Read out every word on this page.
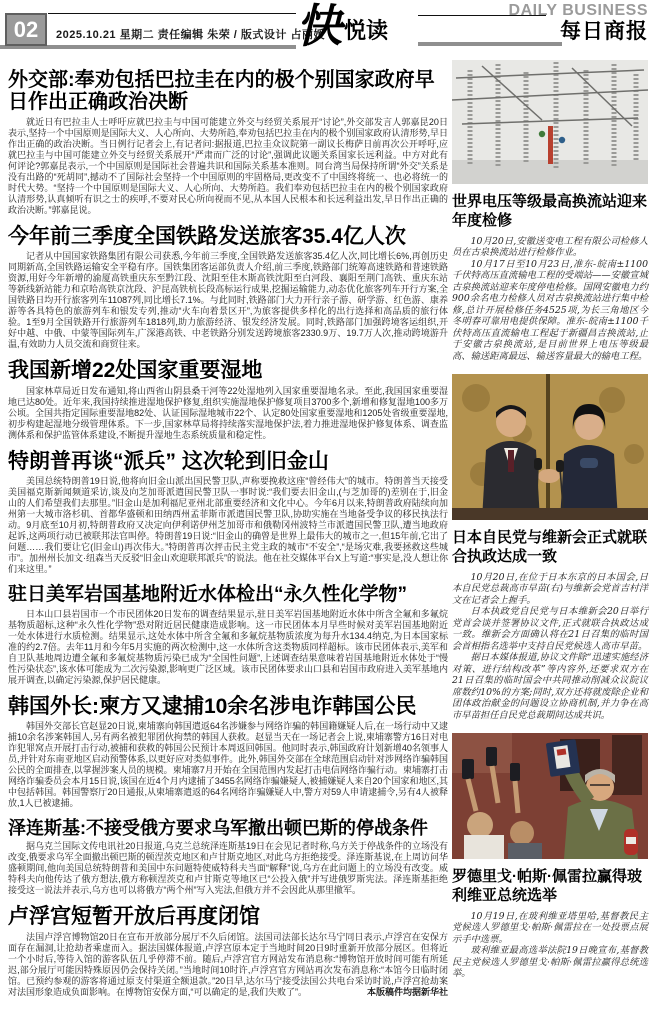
02	2025.10.21 星期二 责任编辑 朱荣 / 版式设计 占丽媛
快 悦读
DAILY BUSINESS
每日商报
外交部:奉劝包括巴拉圭在内的极个别国家政府早日作出正确政治决断

就近日有巴拉圭人士呼吁应就巴拉圭与中国可能建立外交与经贸关系展开“讨论”,外交部发言人郭嘉昆20日表示,坚持一个中国原则是国际大义、人心所向、大势所趋,奉劝包括巴拉圭在内的极个别国家政府认清形势,早日作出正确的政治决断。当日例行记者会上,有记者问:据报道,巴拉圭众议院第一副议长梅萨日前再次公开呼吁,应就巴拉圭与中国可能建立外交与经贸关系展开“严肃而广泛的讨论”,强调此议题关系国家长远利益。中方对此有何评论?郭嘉昆表示,一个中国原则是国际社会普遍共识和国际关系基本准则。同台湾当局保持所谓“外交”关系是没有出路的“死胡同”,撼动不了国际社会坚持一个中国原则的牢固格局,更改变不了中国终将统一、也必将统一的时代大势。“坚持一个中国原则是国际大义、人心所向、大势所趋。我们奉劝包括巴拉圭在内的极个别国家政府认清形势,认真倾听有识之士的疾呼,不要对民心所向视而不见,从本国人民根本和长远利益出发,早日作出正确的政治决断。”郭嘉昆说。

今年前三季度全国铁路发送旅客35.4亿人次

记者从中国国家铁路集团有限公司获悉,今年前三季度,全国铁路发送旅客35.4亿人次,同比增长6%,再创历史同期新高,全国铁路运输安全平稳有序。国铁集团客运部负责人介绍,前三季度,铁路部门统筹高速铁路和普速铁路资源,用好今年新增的渝厦高铁重庆东至黔江段、沈阳至佳木斯高铁沈阳至白河段、襄阳至荆门高铁、重庆东站等新线新站能力和京哈高铁京沈段、沪昆高铁杭长段高标运行成果,挖掘运输能力,动态优化旅客列车开行方案,全国铁路日均开行旅客列车11087列,同比增长7.1%。与此同时,铁路部门大力开行亲子游、研学游、红色游、康养游等各具特色的旅游列车和银发专列,推动“火车向着景区开”,为旅客提供多样化的出行选择和高品质的旅行体验。1至9月全国铁路开行旅游列车1818列,助力旅游经济、银发经济发展。同时,铁路部门加强跨境客运组织,开好中越、中俄、中蒙等国际列车,广深港高铁、中老铁路分别发送跨境旅客2330.9万、19.7万人次,推动跨境游升温,有效助力人员交流和商贸往来。

我国新增22处国家重要湿地

国家林草局近日发布通知,将山西省山阴县桑干河等22处湿地列入国家重要湿地名录。至此,我国国家重要湿地已达80处。近年来,我国持续推进湿地保护修复,组织实施湿地保护修复项目3700多个,新增和修复湿地100多万公顷。全国共指定国际重要湿地82处、认证国际湿地城市22个、认定80处国家重要湿地和1205处省级重要湿地,初步构建起湿地分级管理体系。下一步,国家林草局将持续落实湿地保护法,着力推进湿地保护修复体系、调查监测体系和保护监管体系建设,不断提升湿地生态系统质量和稳定性。

特朗普再谈“派兵” 这次轮到旧金山

美国总统特朗普19日说,他将向旧金山派出国民警卫队,声称要挽救这座“曾经伟大”的城市。特朗普当天接受美国福克斯新闻频道采访,谈及向芝加哥派遣国民警卫队一事时说:“我们要去旧金山,(与芝加哥的)差别在于,旧金山的人们希望我们去那里。”旧金山是加利福尼亚州北部重要经济和文化中心。今年6月以来,特朗普政府陆续向加州第一大城市洛杉矶、首都华盛顿和田纳西州孟菲斯市派遣国民警卫队,协助实施在当地备受争议的移民执法行动。9月底至10月初,特朗普政府又决定向伊利诺伊州芝加哥市和俄勒冈州波特兰市派遣国民警卫队,遭当地政府起诉,这两项行动已被联邦法官叫停。特朗普19日说:“旧金山的确曾是世界上最伟大的城市之一,但15年前,它出了问题……我们要让它(旧金山)再次伟大。”特朗普再次抨击民主党主政的城市“不安全”,“是场灾难,我要拯救这些城市”。加州州长加文·纽森当天反驳“旧金山欢迎联邦派兵”的说法。他在社交媒体平台X上写道:“事实是,没人想让你们来这里。”

驻日美军岩国基地附近水体检出“永久性化学物”

日本山口县岩国市一个市民团体20日发布的调查结果显示,驻日美军岩国基地附近水体中所含全氟和多氟烷基物质超标,这种“永久性化学物”恐对附近居民健康造成影响。这一市民团体本月早些时候对美军岩国基地附近一处水体进行水质检测。结果显示,这处水体中所含全氟和多氟烷基物质浓度为每升水134.4纳克,为日本国家标准的约2.7倍。去年11月和今年5月实施的两次检测中,这一水体所含这类物质同样超标。该市民团体表示,美军和自卫队基地周边遭全氟和多氟烷基物质污染已成为“全国性问题”,上述调查结果意味着岩国基地附近水体处于“慢性污染状态”,该水体可能成为二次污染源,影响更广泛区域。该市民团体要求山口县和岩国市政府进入美军基地内展开调查,以确定污染源,保护居民健康。

韩国外长:柬方又逮捕10余名涉电诈韩国公民

韩国外交部长官赵显20日说,柬埔寨向韩国遣返64名涉嫌参与网络诈骗的韩国籍嫌疑人后,在一场行动中又逮捕10余名涉案韩国人,另有两名被犯罪团伙拘禁的韩国人获救。赵显当天在一场记者会上说,柬埔寨警方16日对电诈犯罪窝点开展打击行动,被捕和获救的韩国公民预计本周返回韩国。他同时表示,韩国政府计划新增40名领事人员,并针对东南亚地区启动预警体系,以更好应对类似事件。此外,韩国外交部在全球范围启动针对涉网络诈骗韩国公民的全面排查,以掌握涉案人员的规模。柬埔寨7月开始在全国范围内发起打击电信网络诈骗行动。柬埔寨打击网络诈骗委员会本月15日说,该国在近4个月内逮捕了3455名网络诈骗嫌疑人,被捕嫌疑人来自20个国家和地区,其中包括韩国。韩国警察厅20日通报,从柬埔寨遣返的64名网络诈骗嫌疑人中,警方对59人申请逮捕令,另有4人被释放,1人已被逮捕。

泽连斯基:不接受俄方要求乌军撤出顿巴斯的停战条件

据乌克兰国际文传电讯社20日报道,乌克兰总统泽连斯基19日在会见记者时称,乌方关于停战条件的立场没有改变,俄要求乌军全面撤出顿巴斯的顿涅茨克地区和卢甘斯克地区,对此乌方拒绝接受。泽连斯基说,在上周访问华盛顿期间,他向美国总统特朗普和美国中东问题特使威特科夫当面“解释”说,乌方在此问题上的立场没有改变。威特科夫向他传达了俄方想法,俄方称顿涅茨克和卢甘斯克等地区已“公投入俄”并写进俄罗斯宪法。泽连斯基拒绝接受这一说法并表示,乌方也可以将俄方“两个州”写入宪法,但俄方并不会因此从那里撤军。

卢浮宫短暂开放后再度闭馆

法国卢浮宫博物馆20日在宣布开放部分展厅不久后闭馆。法国司法部长达尔马宁同日表示,卢浮宫在安保方面存在漏洞,让抢劫者乘虚而入。据法国媒体报道,卢浮宫原本定于当地时间20日9时重新开放部分展区。但将近一个小时后,等待入馆的游客队伍几乎停滞不前。随后,卢浮宫官方网站发布消息称:“博物馆开放时间可能有所延迟,部分展厅可能因特殊原因仍会保持关闭。”当地时间10时许,卢浮宫官方网站再次发布消息称:“本馆今日临时闭馆。已预约参观的游客将通过原支付渠道全额退款。”20日早,达尔马宁接受法国公共电台采访时说,卢浮宫抢劫案对法国形象造成负面影响。在博物馆安保方面,“可以确定的是,我们失败了”。	本版稿件均据新华社
世界电压等级最高换流站迎来年度检修

10月20日,安徽送变电工程有限公司检修人员在古泉换流站进行检修作业。

10月17日至10月23日,准东-皖南±1100千伏特高压直流输电工程的受端站——安徽宣城古泉换流站迎来年度停电检修。国网安徽电力约900余名电力检修人员对古泉换流站进行集中检修,总计开展检修任务4525项,为长三角地区今冬明春可靠用电提供保障。准东-皖南±1100千伏特高压直流输电工程起于新疆昌吉换流站,止于安徽古泉换流站,是目前世界上电压等级最高、输送距离最远、输送容量最大的输电工程。

日本自民党与维新会正式就联合执政达成一致

10月20日,在位于日本东京的日本国会,日本自民党总裁高市早苗(右)与维新会党首吉村洋文在记者会上握手。

日本执政党自民党与日本维新会20日举行党首会谈并签署协议文件,正式就联合执政达成一致。维新会方面确认将在21日召集的临时国会首相指名选举中支持自民党候选人高市早苗。

据日本媒体报道,协议文件除“迅速实施经济对策、进行结构改革”等内容外,还要求双方在21日召集的临时国会中共同推动削减众议院议席数约10%的方案;同时,双方还将就废除企业和团体政治献金的问题设立协商机制,并力争在高市早苗担任自民党总裁期间达成共识。

罗德里戈·帕斯·佩雷拉赢得玻利维亚总统选举

10月19日,在玻利维亚塔里哈,基督教民主党候选人罗德里戈·帕斯·佩雷拉在一处投票点展示手中选票。

玻利维亚最高选举法院19日晚宣布,基督教民主党候选人罗德里戈·帕斯·佩雷拉赢得总统选举。
